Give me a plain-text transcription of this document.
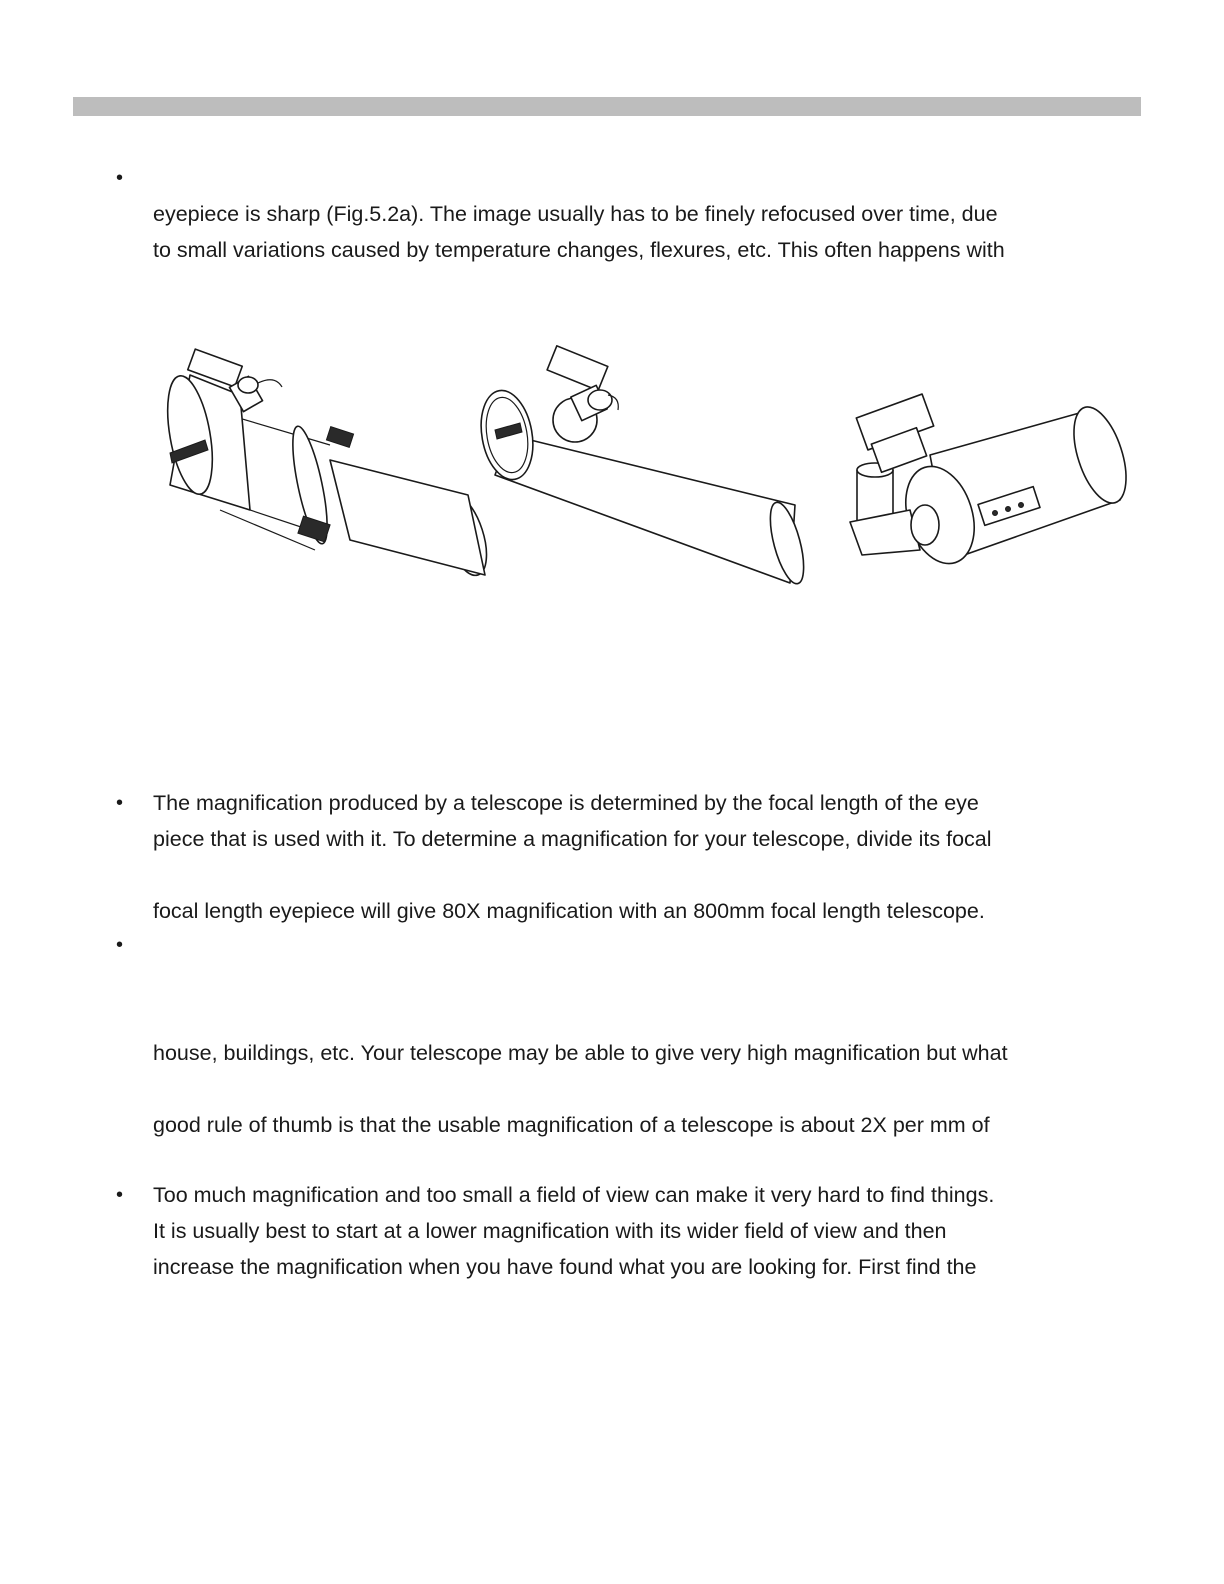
•
eyepiece is sharp (Fig.5.2a). The image usually has to be finely refocused over time, due
to small variations caused by temperature changes, flexures, etc. This often happens with
• The magnification produced by a telescope is determined by the focal length of the eye
piece that is used with it. To determine a magnification for your telescope, divide its focal
focal length eyepiece will give 80X magnification with an 800mm focal length telescope.
•
house, buildings, etc. Your telescope may be able to give very high magnification but what
good rule of thumb is that the usable magnification of a telescope is about 2X per mm of
• Too much magnification and too small a field of view can make it very hard to find things.
It is usually best to start at a lower magnification with its wider field of view and then
increase the magnification when you have found what you are looking for. First find the
